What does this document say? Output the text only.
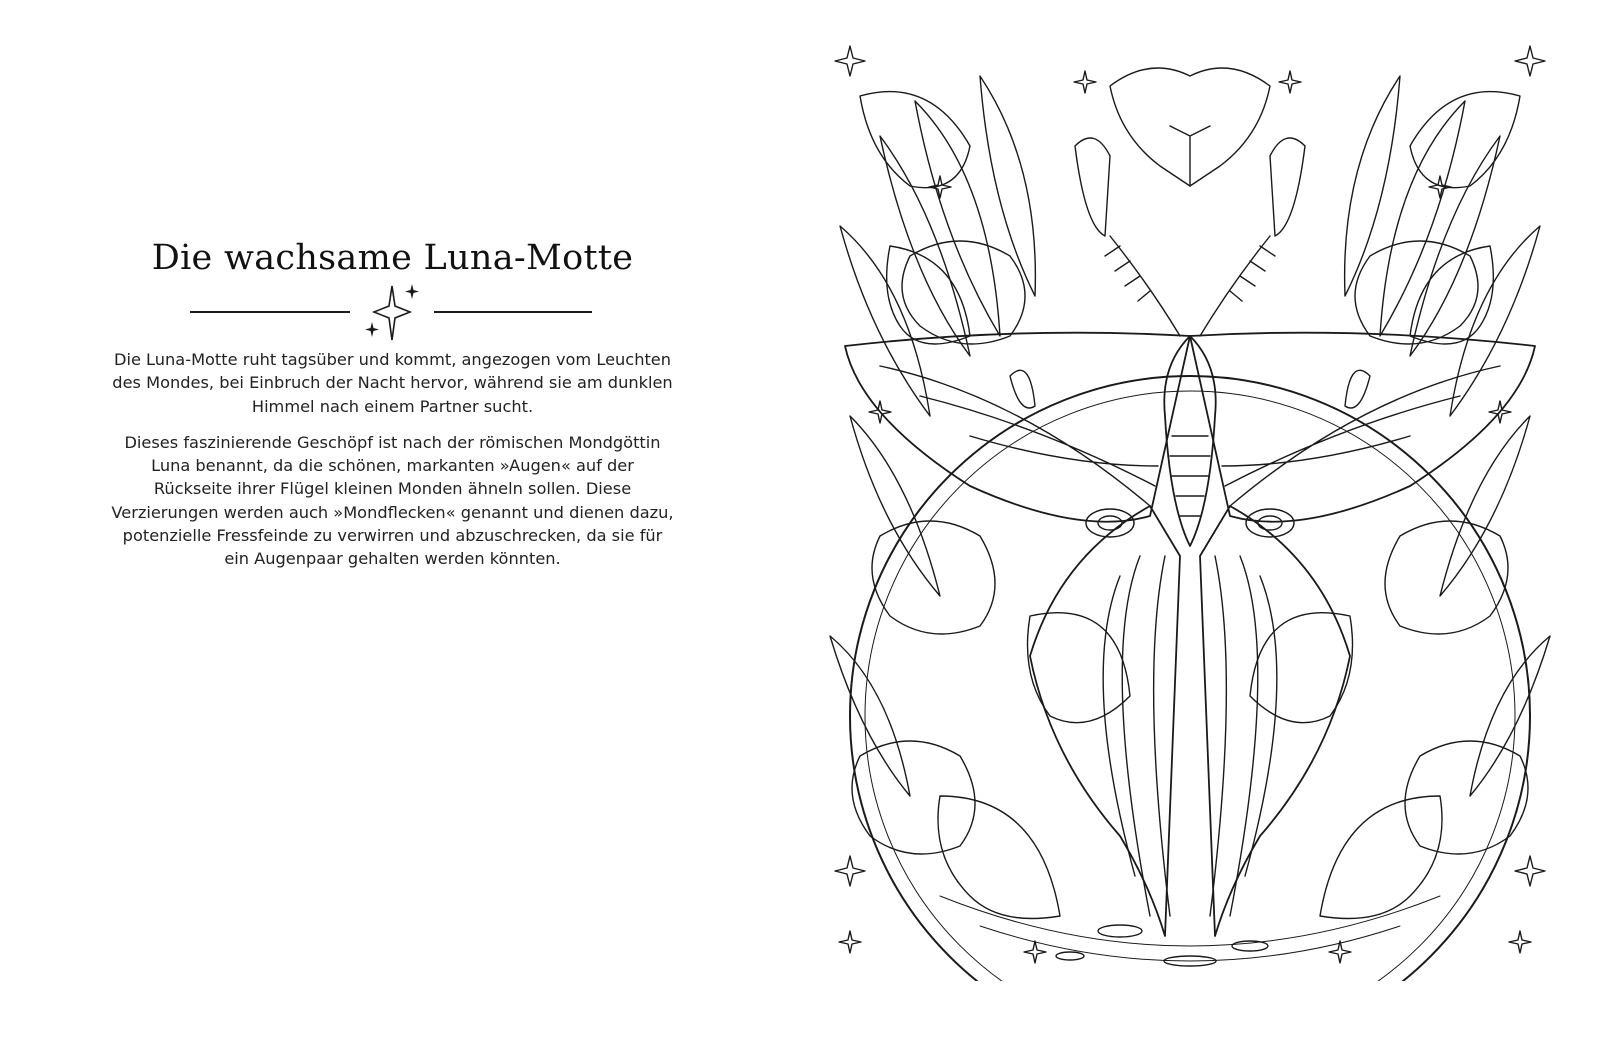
Die wachsame Luna-Motte

Die Luna-Motte ruht tagsüber und kommt, angezogen vom Leuchten des Mondes, bei Einbruch der Nacht hervor, während sie am dunklen Himmel nach einem Partner sucht.

Dieses faszinierende Geschöpf ist nach der römischen Mondgöttin Luna benannt, da die schönen, markanten »Augen« auf der Rückseite ihrer Flügel kleinen Monden ähneln sollen. Diese Verzierungen werden auch »Mondflecken« genannt und dienen dazu, potenzielle Fressfeinde zu verwirren und abzuschrecken, da sie für ein Augenpaar gehalten werden könnten.
